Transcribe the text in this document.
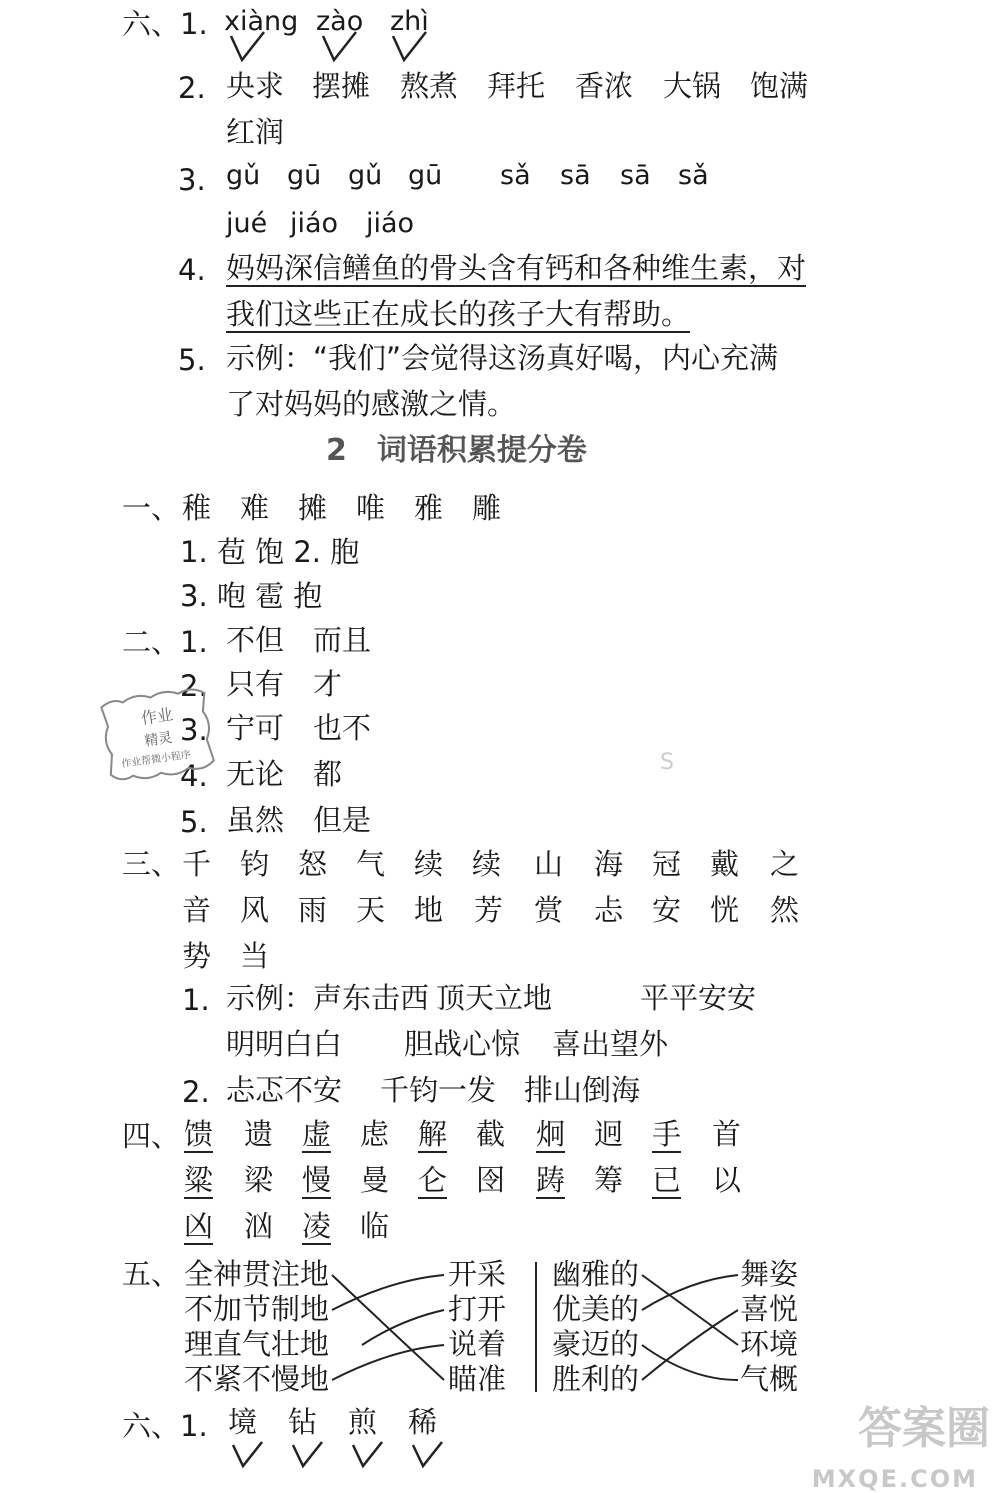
六、1. xiàng zào zhì
2. 央求 摆摊 熬煮 拜托 香浓 大锅 饱满
红润
3. gǔ gū gǔ gū sǎ sā sā sǎ
jué jiáo jiáo
4. 妈妈深信鳝鱼的骨头含有钙和各种维生素，对
我们这些正在成长的孩子大有帮助。
5. 示例：“我们”会觉得这汤真好喝，内心充满
了对妈妈的感激之情。
2　词语积累提分卷
一、 稚 难 摊 唯 雅 雕
1. 苞 饱 2. 胞
3. 咆 雹 抱
二、1. 不但　而且
2. 只有　才
3. 宁可　也不
4. 无论　都
5. 虽然　但是
作业
精灵
作业帮微小程序	S
三、 千 钧 怒 气 续 续 山 海 冠 戴 之
音 风 雨 天 地 芳 赏 忐 安 恍 然
势 当
1. 示例：声东击西 顶天立地	平平安安
明明白白 胆战心惊 喜出望外
2. 忐忑不安 千钧一发 排山倒海
四、 馈 遗 虚 虑 解 截 炯 迥 手 首
粱 梁 慢 曼 仑 囹 踌 筹 已 以
凶 汹 凌 临
五、 全神贯注地
不加节制地
理直气壮地
不紧不慢地
开采
打开
说着
瞄准
幽雅的
优美的
豪迈的
胜利的
舞姿
喜悦
环境
气概
六、1. 境 钻 煎 稀	答案圈
MXQE.COM
